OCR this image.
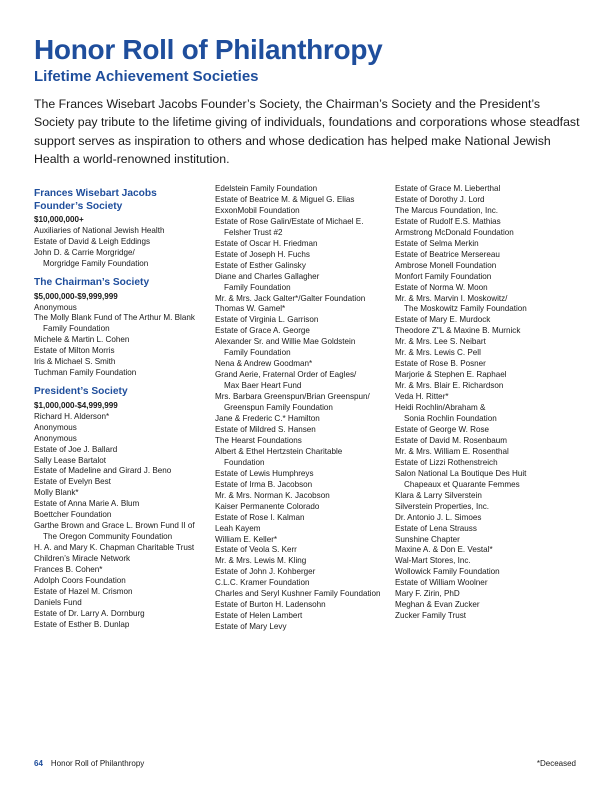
Honor Roll of Philanthropy
Lifetime Achievement Societies
The Frances Wisebart Jacobs Founder’s Society, the Chairman’s Society and the President’s Society pay tribute to the lifetime giving of individuals, foundations and corporations whose steadfast support serves as inspiration to others and whose dedication has helped make National Jewish Health a world-renowned institution.
Frances Wisebart Jacobs
Founder’s Society
$10,000,000+
Auxiliaries of National Jewish Health
Estate of David & Leigh Eddings
John D. & Carrie Morgridge/
Morgridge Family Foundation
The Chairman’s Society
$5,000,000-$9,999,999
Anonymous
The Molly Blank Fund of The Arthur M. Blank
Family Foundation
Michele & Martin L. Cohen
Estate of Milton Morris
Iris & Michael S. Smith
Tuchman Family Foundation
President’s Society
$1,000,000-$4,999,999
Richard H. Alderson*
Anonymous
Anonymous
Estate of Joe J. Ballard
Sally Lease Bartalot
Estate of Madeline and Girard J. Beno
Estate of Evelyn Best
Molly Blank*
Estate of Anna Marie A. Blum
Boettcher Foundation
Garthe Brown and Grace L. Brown Fund II of
The Oregon Community Foundation
H. A. and Mary K. Chapman Charitable Trust
Children’s Miracle Network
Frances B. Cohen*
Adolph Coors Foundation
Estate of Hazel M. Crismon
Daniels Fund
Estate of Dr. Larry A. Dornburg
Estate of Esther B. Dunlap
Edelstein Family Foundation
Estate of Beatrice M. & Miguel G. Elias
ExxonMobil Foundation
Estate of Rose Galin/Estate of Michael E.
Felsher Trust #2
Estate of Oscar H. Friedman
Estate of Joseph H. Fuchs
Estate of Esther Galinsky
Diane and Charles Gallagher
Family Foundation
Mr. & Mrs. Jack Galter*/Galter Foundation
Thomas W. Gamel*
Estate of Virginia L. Garrison
Estate of Grace A. George
Alexander Sr. and Willie Mae Goldstein
Family Foundation
Nena & Andrew Goodman*
Grand Aerie, Fraternal Order of Eagles/
Max Baer Heart Fund
Mrs. Barbara Greenspun/Brian Greenspun/
Greenspun Family Foundation
Jane & Frederic C.* Hamilton
Estate of Mildred S. Hansen
The Hearst Foundations
Albert & Ethel Hertzstein Charitable
Foundation
Estate of Lewis Humphreys
Estate of Irma B. Jacobson
Mr. & Mrs. Norman K. Jacobson
Kaiser Permanente Colorado
Estate of Rose I. Kalman
Leah Kayem
William E. Keller*
Estate of Veola S. Kerr
Mr. & Mrs. Lewis M. Kling
Estate of John J. Kohberger
C.L.C. Kramer Foundation
Charles and Seryl Kushner Family Foundation
Estate of Burton H. Ladensohn
Estate of Helen Lambert
Estate of Mary Levy
Estate of Grace M. Lieberthal
Estate of Dorothy J. Lord
The Marcus Foundation, Inc.
Estate of Rudolf E.S. Mathias
Armstrong McDonald Foundation
Estate of Selma Merkin
Estate of Beatrice Mersereau
Ambrose Monell Foundation
Monfort Family Foundation
Estate of Norma W. Moon
Mr. & Mrs. Marvin I. Moskowitz/
The Moskowitz Family Foundation
Estate of Mary E. Murdock
Theodore Z"L & Maxine B. Murnick
Mr. & Mrs. Lee S. Neibart
Mr. & Mrs. Lewis C. Pell
Estate of Rose B. Posner
Marjorie & Stephen E. Raphael
Mr. & Mrs. Blair E. Richardson
Veda H. Ritter*
Heidi Rochlin/Abraham &
Sonia Rochlin Foundation
Estate of George W. Rose
Estate of David M. Rosenbaum
Mr. & Mrs. William E. Rosenthal
Estate of Lizzi Rothenstreich
Salon National La Boutique Des Huit
Chapeaux et Quarante Femmes
Klara & Larry Silverstein
Silverstein Properties, Inc.
Dr. Antonio J. L. Simoes
Estate of Lena Strauss
Sunshine Chapter
Maxine A. & Don E. Vestal*
Wal-Mart Stores, Inc.
Wollowick Family Foundation
Estate of William Woolner
Mary F. Zirin, PhD
Meghan & Evan Zucker
Zucker Family Trust
64 Honor Roll of Philanthropy	*Deceased
